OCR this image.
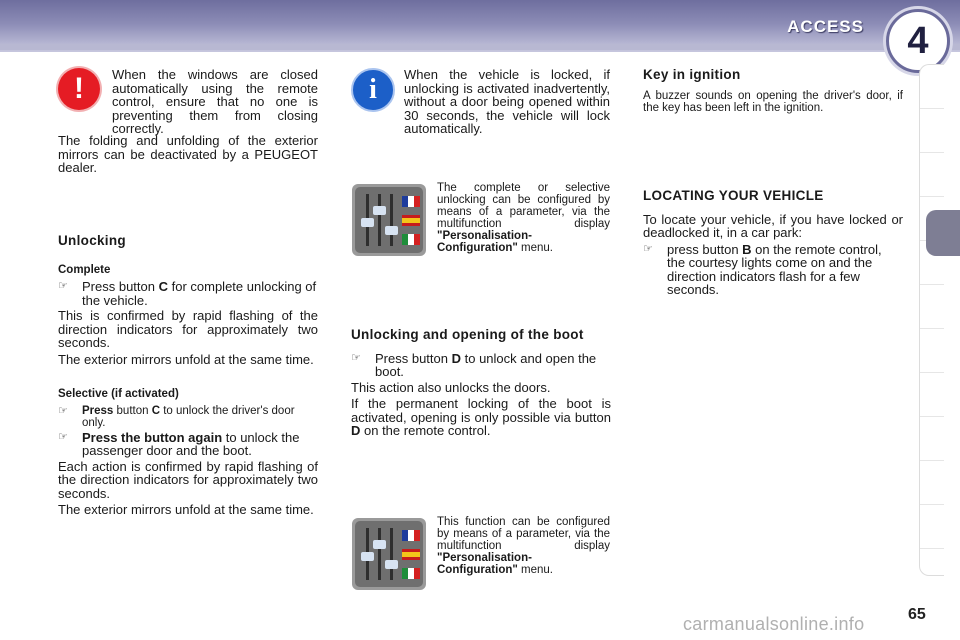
ACCESS	4
!	i

When the windows are closed automatically using the remote control, ensure that no one is preventing them from closing correctly.

The folding and unfolding of the exterior mirrors can be deactivated by a PEUGEOT dealer.

Unlocking

Complete

☞	Press button C for complete unlocking of the vehicle.

This is confirmed by rapid flashing of the direction indicators for approximately two seconds.

The exterior mirrors unfold at the same time.

Selective (if activated)

☞	Press button C to unlock the driver's door only.
☞	Press the button again to unlock the passenger door and the boot.

Each action is confirmed by rapid flashing of the direction indicators for approximately two seconds.

The exterior mirrors unfold at the same time.

When the vehicle is locked, if unlocking is activated inadvertently, without a door being opened within 30 seconds, the vehicle will lock automatically.

The complete or selective unlocking can be configured by means of a parameter, via the multifunction display "Personalisation-Configuration" menu.

Unlocking and opening of the boot

☞	Press button D to unlock and open the boot.

This action also unlocks the doors.

If the permanent locking of the boot is activated, opening is only possible via button D on the remote control.

This function can be configured by means of a parameter, via the multifunction display "Personalisation-Configuration" menu.

Key in ignition

A buzzer sounds on opening the driver's door, if the key has been left in the ignition.

LOCATING YOUR VEHICLE

To locate your vehicle, if you have locked or deadlocked it, in a car park:

☞	press button B on the remote control, the courtesy lights come on and the direction indicators flash for a few seconds.
carmanualsonline.info	65
